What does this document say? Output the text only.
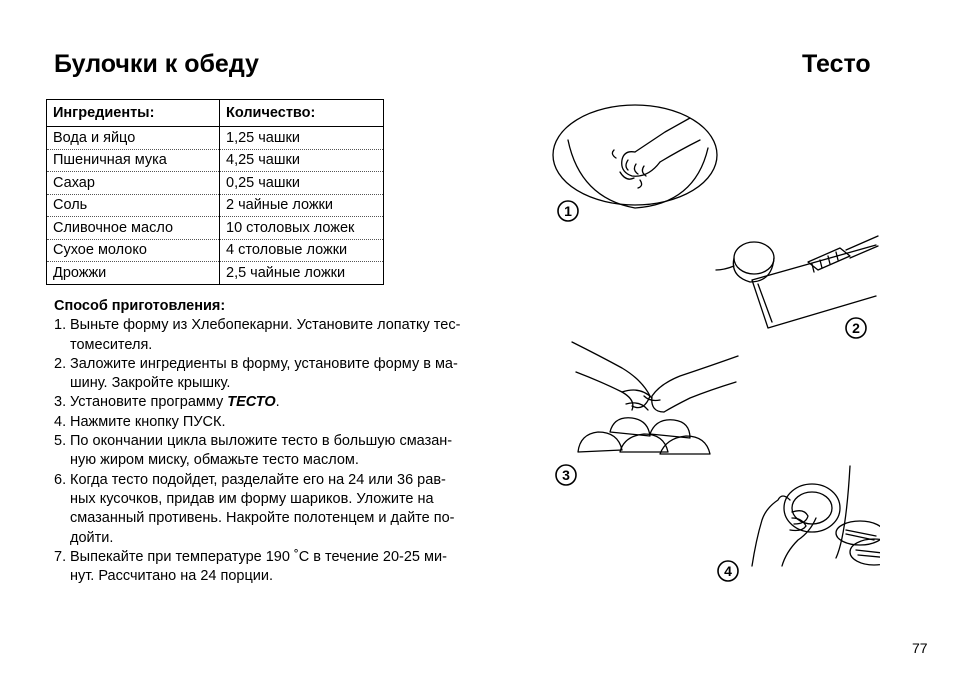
Булочки к обеду	Тесто
Ингредиенты:	Количество:
Вода и яйцо	1,25 чашки
Пшеничная мука	4,25 чашки
Сахар	0,25 чашки
Соль	2 чайные ложки
Сливочное масло	10 столовых ложек
Сухое молоко	4 столовые ложки
Дрожжи	2,5 чайные ложки
Способ приготовления:
1 . Выньте форму из Хлебопекарни. Установите лопатку тес-
томесителя.
2 . Заложите ингредиенты в форму, установите форму в ма-
шину. Закройте крышку.
3 . Установите программу ТЕСТО.
4 . Нажмите кнопку ПУСК.
5 . По окончании цикла выложите тесто в большую смазан-
ную жиром миску, обмажьте тесто маслом.
6 . Когда тесто подойдет, разделайте его на 24 или 36 рав-
ных кусочков, придав им форму шариков. Уложите на
смазанный противень. Накройте полотенцем и дайте по-
дойти.
7 . Выпекайте при температуре 190 ˚C в течение 20-25 ми-
нут. Рассчитано на 24 порции.
1
2
3
4
77
